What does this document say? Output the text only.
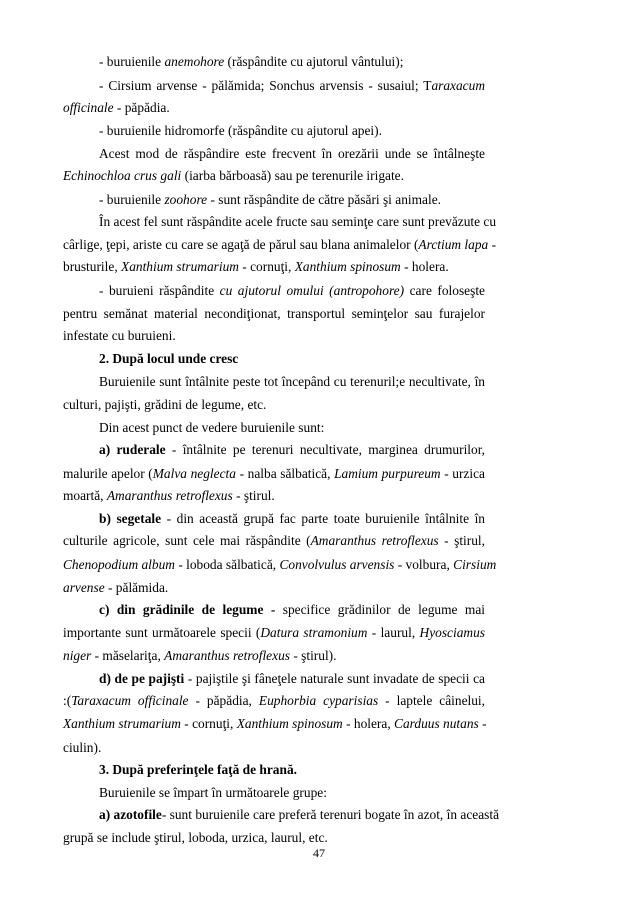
- buruienile anemohore (răspândite cu ajutorul vântului);
- Cirsium arvense - pălămida; Sonchus arvensis - susaiul; Taraxacum
officinale - păpădia.
- buruienile hidromorfe (răspândite cu ajutorul apei).
Acest mod de răspândire este frecvent în orezării unde se întâlneşte
Echinochloa crus gali (iarba bărboasă) sau pe terenurile irigate.
- buruienile zoohore - sunt răspândite de către păsări şi animale.
În acest fel sunt răspândite acele fructe sau seminţe care sunt prevăzute cu
cârlige, ţepi, ariste cu care se agaţă de părul sau blana animalelor (Arctium lapa -
brusturile, Xanthium strumarium - cornuţi, Xanthium spinosum - holera.
- buruieni răspândite cu ajutorul omului (antropohore) care foloseşte
pentru semănat material necondiţionat, transportul seminţelor sau furajelor
infestate cu buruieni.
2. După locul unde cresc
Buruienile sunt întâlnite peste tot începând cu terenuril;e necultivate, în
culturi, pajişti, grădini de legume, etc.
Din acest punct de vedere buruienile sunt:
a) ruderale - întâlnite pe terenuri necultivate, marginea drumurilor,
malurile apelor (Malva neglecta - nalba sălbatică, Lamium purpureum - urzica
moartă, Amaranthus retroflexus - ştirul.
b) segetale - din această grupă fac parte toate buruienile întâlnite în
culturile agricole, sunt cele mai răspândite (Amaranthus retroflexus - ştirul,
Chenopodium album - loboda sălbatică, Convolvulus arvensis - volbura, Cirsium
arvense - pălămida.
c) din grădinile de legume - specifice grădinilor de legume mai
importante sunt următoarele specii (Datura stramonium - laurul, Hyosciamus
niger - măselariţa, Amaranthus retroflexus - ştirul).
d) de pe pajişti - pajiştile şi fâneţele naturale sunt invadate de specii ca
:(Taraxacum officinale - păpădia, Euphorbia cyparisias - laptele câinelui,
Xanthium strumarium - cornuţi, Xanthium spinosum - holera, Carduus nutans -
ciulin).
3. După preferinţele faţă de hrană.
Buruienile se împart în următoarele grupe:
a) azotofile- sunt buruienile care preferă terenuri bogate în azot, în această
grupă se include ştirul, loboda, urzica, laurul, etc.
47
